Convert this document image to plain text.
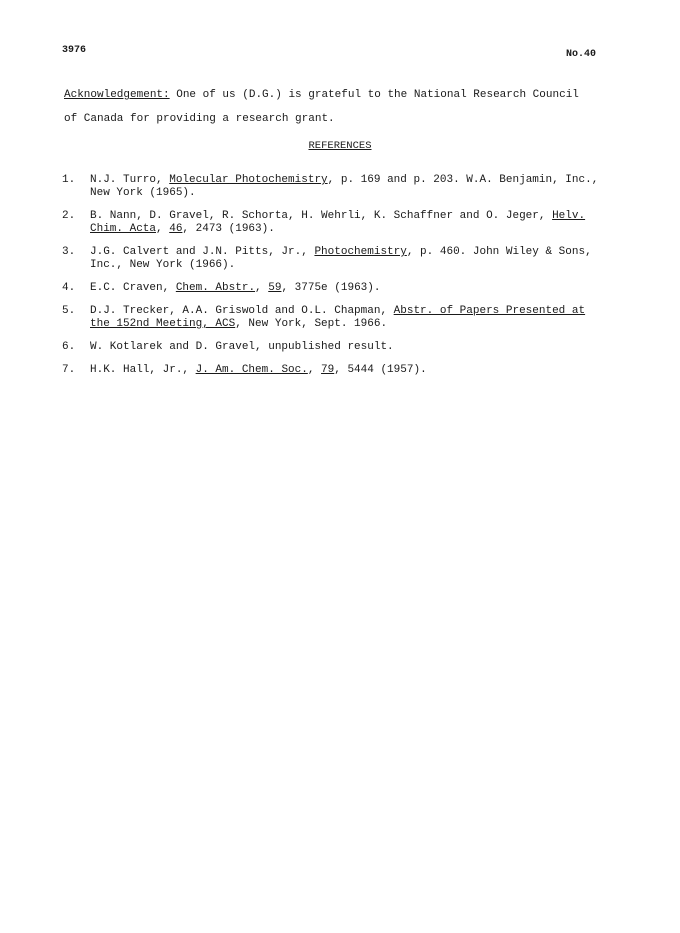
3976	No.40

Acknowledgement: One of us (D.G.) is grateful to the National Research Council

of Canada for providing a research grant.

REFERENCES
1.	N.J. Turro, Molecular Photochemistry, p. 169 and p. 203. W.A. Benjamin, Inc.,
New York (1965).
2.	B. Nann, D. Gravel, R. Schorta, H. Wehrli, K. Schaffner and O. Jeger, Helv.
Chim. Acta, 46, 2473 (1963).
3.	J.G. Calvert and J.N. Pitts, Jr., Photochemistry, p. 460. John Wiley & Sons,
Inc., New York (1966).
4.	E.C. Craven, Chem. Abstr., 59, 3775e (1963).
5.	D.J. Trecker, A.A. Griswold and O.L. Chapman, Abstr. of Papers Presented at
the 152nd Meeting, ACS, New York, Sept. 1966.
6.	W. Kotlarek and D. Gravel, unpublished result.
7.	H.K. Hall, Jr., J. Am. Chem. Soc., 79, 5444 (1957).
